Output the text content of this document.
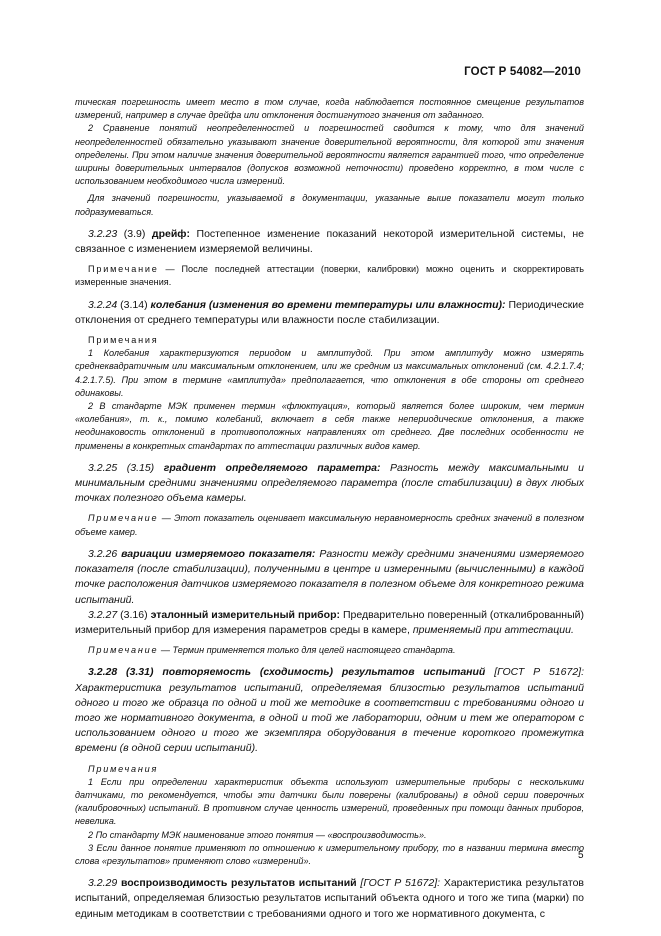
ГОСТ Р 54082—2010

тическая погрешность имеет место в том случае, когда наблюдается постоянное смещение результатов измерений, например в случае дрейфа или отклонения достигнутого значения от заданного.

2 Сравнение понятий неопределенностей и погрешностей сводится к тому, что для значений неопределенностей обязательно указывают значение доверительной вероятности, для которой эти значения определены. При этом наличие значения доверительной вероятности является гарантией того, что определение ширины доверительных интервалов (допусков возможной неточности) проведено корректно, в том числе с использованием необходимого числа измерений.

Для значений погрешности, указываемой в документации, указанные выше показатели могут только подразумеваться.

3.2.23 (3.9) дрейф: Постепенное изменение показаний некоторой измерительной системы, не связанное с изменением измеряемой величины.

Примечание — После последней аттестации (поверки, калибровки) можно оценить и скорректировать измеренные значения.

3.2.24 (3.14) колебания (изменения во времени температуры или влажности): Периодические отклонения от среднего температуры или влажности после стабилизации.

Примечания

1 Колебания характеризуются периодом и амплитудой. При этом амплитуду можно измерять среднеквадратичным или максимальным отклонением, или же средним из максимальных отклонений (см. 4.2.1.7.4; 4.2.1.7.5). При этом в термине «амплитуда» предполагается, что отклонения в обе стороны от среднего одинаковы.

2 В стандарте МЭК применен термин «флюктуация», который является более широким, чем термин «колебания», т. к., помимо колебаний, включает в себя также непериодические отклонения, а также неодинаковость отклонений в противоположных направлениях от среднего. Две последних особенности не применены в конкретных стандартах по аттестации различных видов камер.

3.2.25 (3.15) градиент определяемого параметра: Разность между максимальными и минимальным средними значениями определяемого параметра (после стабилизации) в двух любых точках полезного объема камеры.

Примечание — Этот показатель оценивает максимальную неравномерность средних значений в полезном объеме камер.

3.2.26 вариации измеряемого показателя: Разности между средними значениями измеряемого показателя (после стабилизации), полученными в центре и измеренными (вычисленными) в каждой точке расположения датчиков измеряемого показателя в полезном объеме для конкретного режима испытаний.

3.2.27 (3.16) эталонный измерительный прибор: Предварительно поверенный (откалиброванный) измерительный прибор для измерения параметров среды в камере, применяемый при аттестации.

Примечание — Термин применяется только для целей настоящего стандарта.

3.2.28 (3.31) повторяемость (сходимость) результатов испытаний [ГОСТ Р 51672]: Характеристика результатов испытаний, определяемая близостью результатов испытаний одного и того же образца по одной и той же методике в соответствии с требованиями одного и того же нормативного документа, в одной и той же лаборатории, одним и тем же оператором с использованием одного и того же экземпляра оборудования в течение короткого промежутка времени (в одной серии испытаний).

Примечания

1 Если при определении характеристик объекта используют измерительные приборы с несколькими датчиками, то рекомендуется, чтобы эти датчики были поверены (калиброваны) в одной серии поверочных (калибровочных) испытаний. В противном случае ценность измерений, проведенных при помощи данных приборов, невелика.

2 По стандарту МЭК наименование этого понятия — «воспроизводимость».

3 Если данное понятие применяют по отношению к измерительному прибору, то в названии термина вместо слова «результатов» применяют слово «измерений».

3.2.29 воспроизводимость результатов испытаний [ГОСТ Р 51672]: Характеристика результатов испытаний, определяемая близостью результатов испытаний объекта одного и того же типа (марки) по единым методикам в соответствии с требованиями одного и того же нормативного документа, с

5
